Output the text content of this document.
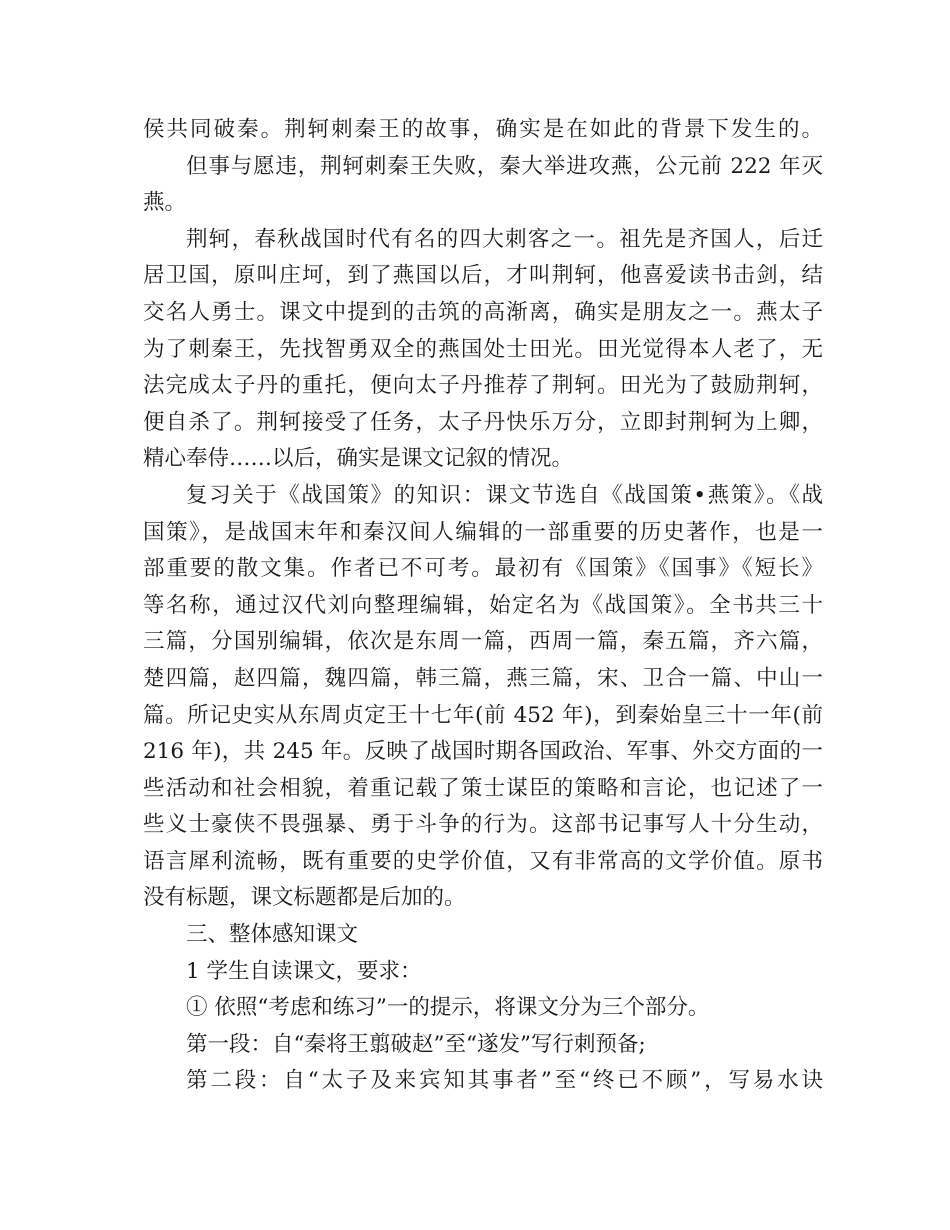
侯共同破秦。荆轲刺秦王的故事，确实是在如此的背景下发生的。
但事与愿违，荆轲刺秦王失败，秦大举进攻燕，公元前 222 年灭
燕。
荆轲，春秋战国时代有名的四大刺客之一。祖先是齐国人，后迁
居卫国，原叫庄坷，到了燕国以后，才叫荆轲，他喜爱读书击剑，结
交名人勇士。课文中提到的击筑的高渐离，确实是朋友之一。燕太子
为了刺秦王，先找智勇双全的燕国处士田光。田光觉得本人老了，无
法完成太子丹的重托，便向太子丹推荐了荆轲。田光为了鼓励荆轲，
便自杀了。荆轲接受了任务，太子丹快乐万分，立即封荆轲为上卿，
精心奉侍……以后，确实是课文记叙的情况。
复习关于《战国策》的知识：课文节选自《战国策•燕策》。《战
国策》，是战国末年和秦汉间人编辑的一部重要的历史著作，也是一
部重要的散文集。作者已不可考。最初有《国策》《国事》《短长》
等名称，通过汉代刘向整理编辑，始定名为《战国策》。全书共三十
三篇，分国别编辑，依次是东周一篇，西周一篇，秦五篇，齐六篇，
楚四篇，赵四篇，魏四篇，韩三篇，燕三篇，宋、卫合一篇、中山一
篇。所记史实从东周贞定王十七年(前 452 年)，到秦始皇三十一年(前
216 年)，共 245 年。反映了战国时期各国政治、军事、外交方面的一
些活动和社会相貌，着重记载了策士谋臣的策略和言论，也记述了一
些义士豪侠不畏强暴、勇于斗争的行为。这部书记事写人十分生动，
语言犀利流畅，既有重要的史学价值，又有非常高的文学价值。原书
没有标题，课文标题都是后加的。
三、整体感知课文
1 学生自读课文，要求：
① 依照“考虑和练习”一的提示，将课文分为三个部分。
第一段：自“秦将王翦破赵”至“遂发”写行刺预备;
第二段：自“太子及来宾知其事者”至“终已不顾”，写易水诀
